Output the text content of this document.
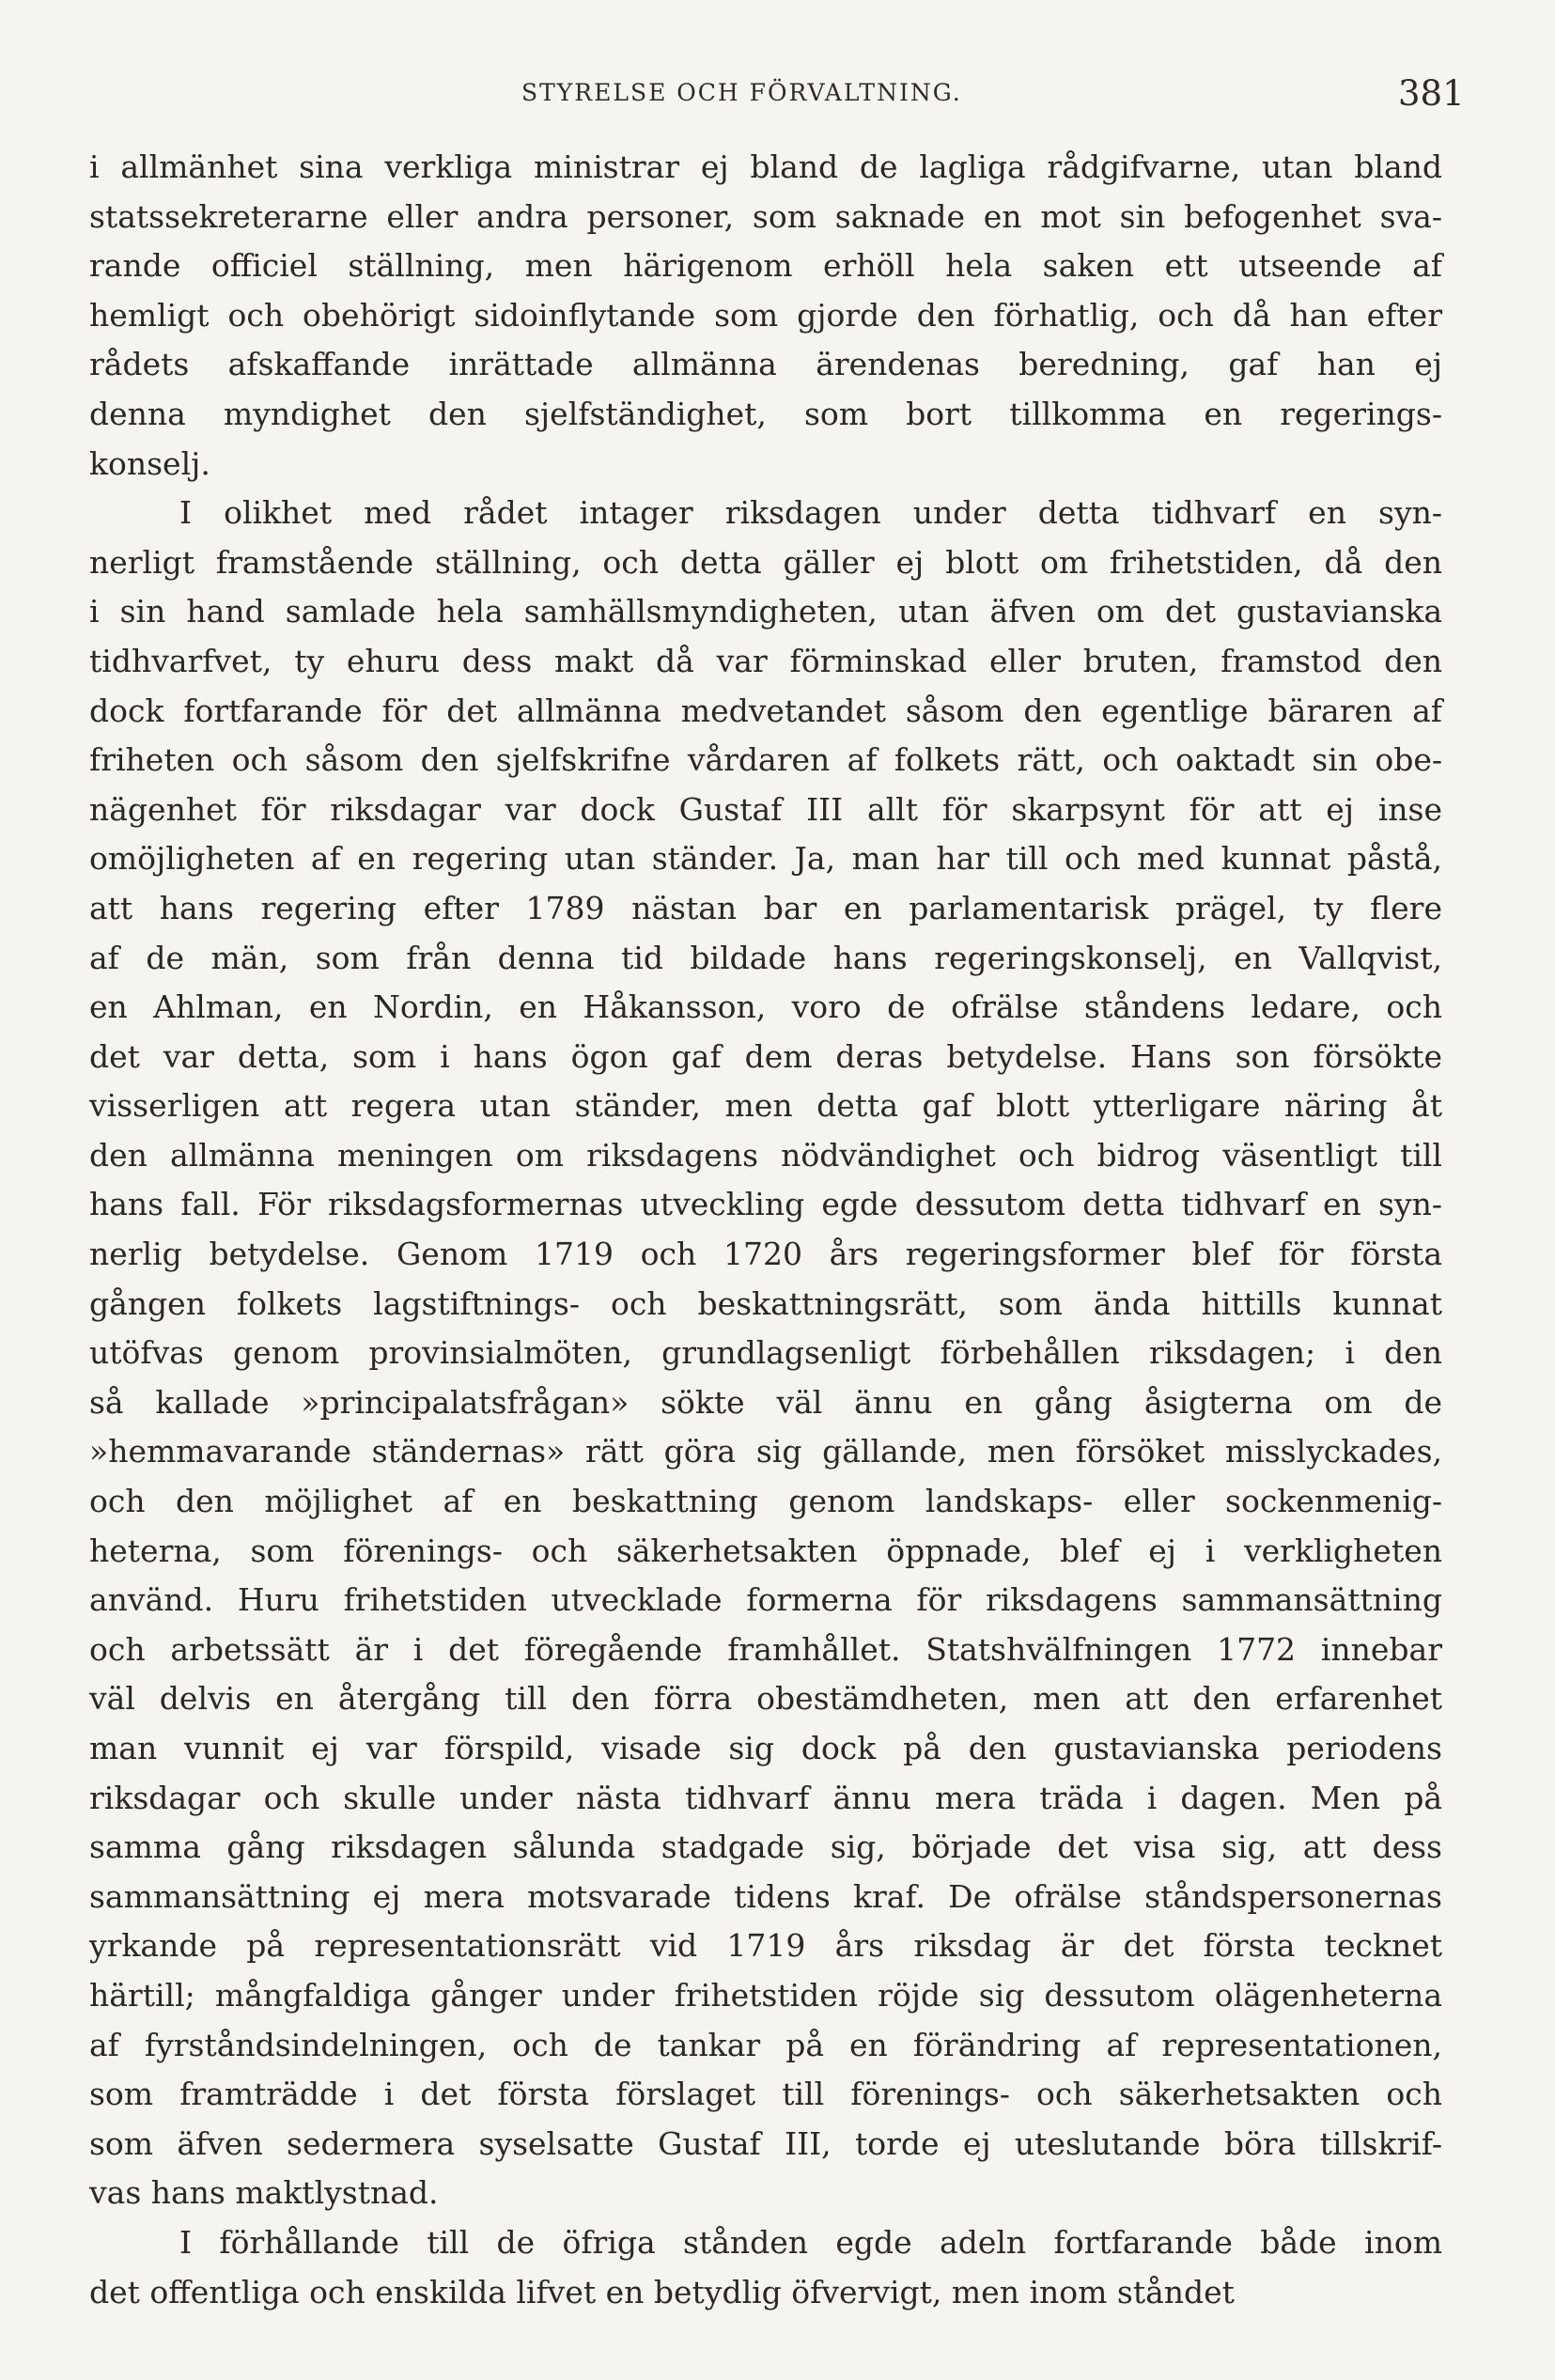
STYRELSE OCH FÖRVALTNING.	381
i allmänhet sina verkliga ministrar ej bland de lagliga rådgifvarne, utan bland
statssekreterarne eller andra personer, som saknade en mot sin befogenhet sva-
rande officiel ställning, men härigenom erhöll hela saken ett utseende af
hemligt och obehörigt sidoinflytande som gjorde den förhatlig, och då han efter
rådets afskaffande inrättade allmänna ärendenas beredning, gaf han ej
denna myndighet den sjelfständighet, som bort tillkomma en regerings-
konselj.
I olikhet med rådet intager riksdagen under detta tidhvarf en syn-
nerligt framstående ställning, och detta gäller ej blott om frihetstiden, då den
i sin hand samlade hela samhällsmyndigheten, utan äfven om det gustavianska
tidhvarfvet, ty ehuru dess makt då var förminskad eller bruten, framstod den
dock fortfarande för det allmänna medvetandet såsom den egentlige bäraren af
friheten och såsom den sjelfskrifne vårdaren af folkets rätt, och oaktadt sin obe-
nägenhet för riksdagar var dock Gustaf III allt för skarpsynt för att ej inse
omöjligheten af en regering utan ständer. Ja, man har till och med kunnat påstå,
att hans regering efter 1789 nästan bar en parlamentarisk prägel, ty flere
af de män, som från denna tid bildade hans regeringskonselj, en Vallqvist,
en Ahlman, en Nordin, en Håkansson, voro de ofrälse ståndens ledare, och
det var detta, som i hans ögon gaf dem deras betydelse. Hans son försökte
visserligen att regera utan ständer, men detta gaf blott ytterligare näring åt
den allmänna meningen om riksdagens nödvändighet och bidrog väsentligt till
hans fall. För riksdagsformernas utveckling egde dessutom detta tidhvarf en syn-
nerlig betydelse. Genom 1719 och 1720 års regeringsformer blef för första
gången folkets lagstiftnings- och beskattningsrätt, som ända hittills kunnat
utöfvas genom provinsialmöten, grundlagsenligt förbehållen riksdagen; i den
så kallade »principalatsfrågan» sökte väl ännu en gång åsigterna om de
»hemmavarande ständernas» rätt göra sig gällande, men försöket misslyckades,
och den möjlighet af en beskattning genom landskaps- eller sockenmenig-
heterna, som förenings- och säkerhetsakten öppnade, blef ej i verkligheten
använd. Huru frihetstiden utvecklade formerna för riksdagens sammansättning
och arbetssätt är i det föregående framhållet. Statshvälfningen 1772 innebar
väl delvis en återgång till den förra obestämdheten, men att den erfarenhet
man vunnit ej var förspild, visade sig dock på den gustavianska periodens
riksdagar och skulle under nästa tidhvarf ännu mera träda i dagen. Men på
samma gång riksdagen sålunda stadgade sig, började det visa sig, att dess
sammansättning ej mera motsvarade tidens kraf. De ofrälse ståndspersonernas
yrkande på representationsrätt vid 1719 års riksdag är det första tecknet
härtill; mångfaldiga gånger under frihetstiden röjde sig dessutom olägenheterna
af fyrståndsindelningen, och de tankar på en förändring af representationen,
som framträdde i det första förslaget till förenings- och säkerhetsakten och
som äfven sedermera syselsatte Gustaf III, torde ej uteslutande böra tillskrif-
vas hans maktlystnad.
I förhållande till de öfriga stånden egde adeln fortfarande både inom
det offentliga och enskilda lifvet en betydlig öfvervigt, men inom ståndet
